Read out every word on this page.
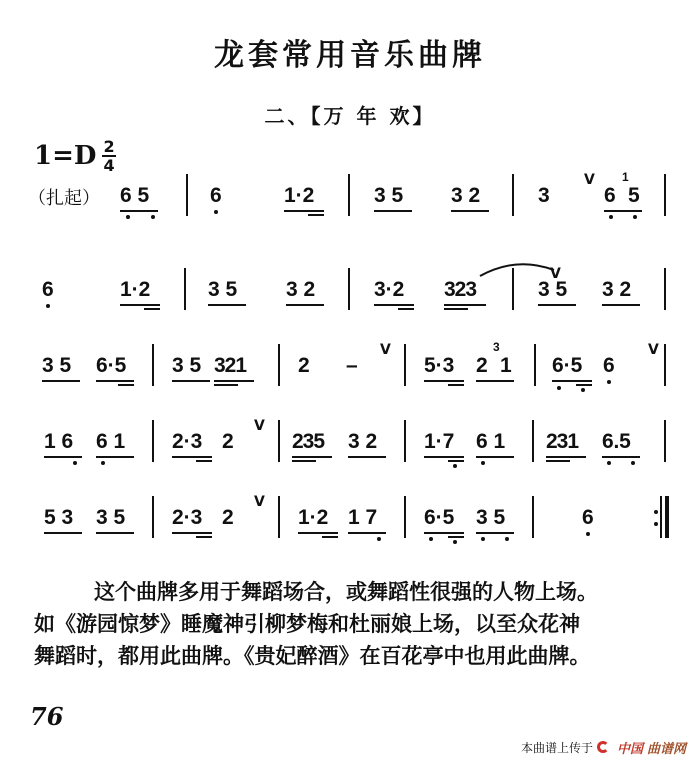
龙套常用音乐曲牌
二、【万 年 欢】
$1=D \frac{2}{4}$
（扎起） 6 5	6	1·2	3 5 3 2	3
V 1
6 5
6	1·2	3 5 3 2	3·2 323
V
3 5 3 2
3 5 6·5 3 5 321 2 –
V
5·3
3
2 1 6·5 6
V
1 6 6 1 2·3 2
V
235 3 2 1·7 6 1 231 6 . 5
5 3 3 5 2·3 2
V
1·2 1 7 6·5 3 5	6

这个曲牌多用于舞蹈场合，或舞蹈性很强的人物上场。

如《游园惊梦》睡魔神引柳梦梅和杜丽娘上场，以至众花神

舞蹈时，都用此曲牌。《贵妃醉酒》在百花亭中也用此曲牌。

76
本曲谱上传于 中国 曲谱网
